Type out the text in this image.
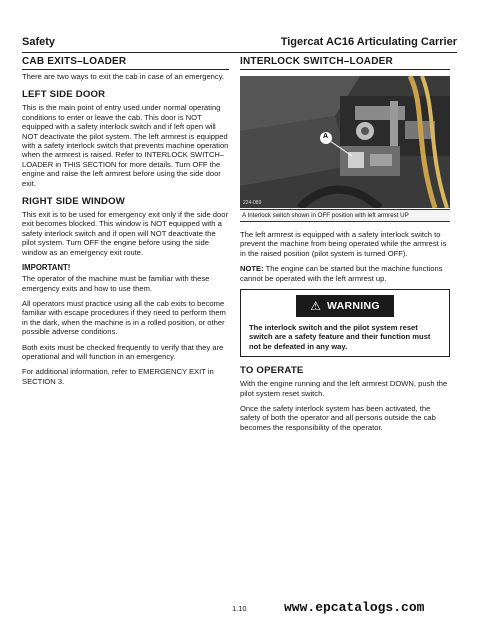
Safety	Tigercat AC16 Articulating Carrier
CAB EXITS–LOADER
There are two ways to exit the cab in case of an emergency.
LEFT SIDE DOOR
This is the main point of entry used under normal operating conditions to enter or leave the cab. This door is NOT equipped with a safety interlock switch and if left open will NOT deactivate the pilot system. The left armrest is equipped with a safety interlock switch that prevents machine operation when the armrest is raised. Refer to INTERLOCK SWITCH–LOADER in THIS SECTION for more details. Turn OFF the engine and raise the left armrest before using the side door exit.
RIGHT SIDE WINDOW
This exit is to be used for emergency exit only if the side door exit becomes blocked. This window is NOT equipped with a safety interlock switch and if open will NOT deactivate the pilot system. Turn OFF the engine before using the side window as an emergency exit route.
IMPORTANT!
The operator of the machine must be familiar with these emergency exits and how to use them.
All operators must practice using all the cab exits to become familiar with escape procedures if they need to perform them in the dark, when the machine is in a rolled position, or other possible adverse conditions.
Both exits must be checked frequently to verify that they are operational and will function in an emergency.
For additional information, refer to EMERGENCY EXIT in SECTION 3.
INTERLOCK SWITCH–LOADER
A
224-089
A Interlock switch shown in OFF position with left armrest UP
The left armrest is equipped with a safety interlock switch to prevent the machine from being operated while the armrest is in the raised position (pilot system is turned OFF).
NOTE: The engine can be started but the machine functions cannot be operated with the left armrest up.
⚠ WARNING
The interlock switch and the pilot system reset switch are a safety feature and their function must not be defeated in any way.
TO OPERATE
With the engine running and the left armrest DOWN, push the pilot system reset switch.
Once the safety interlock system has been activated, the safety of both the operator and all persons outside the cab becomes the responsibility of the operator.
1.10	www.epcatalogs.com
